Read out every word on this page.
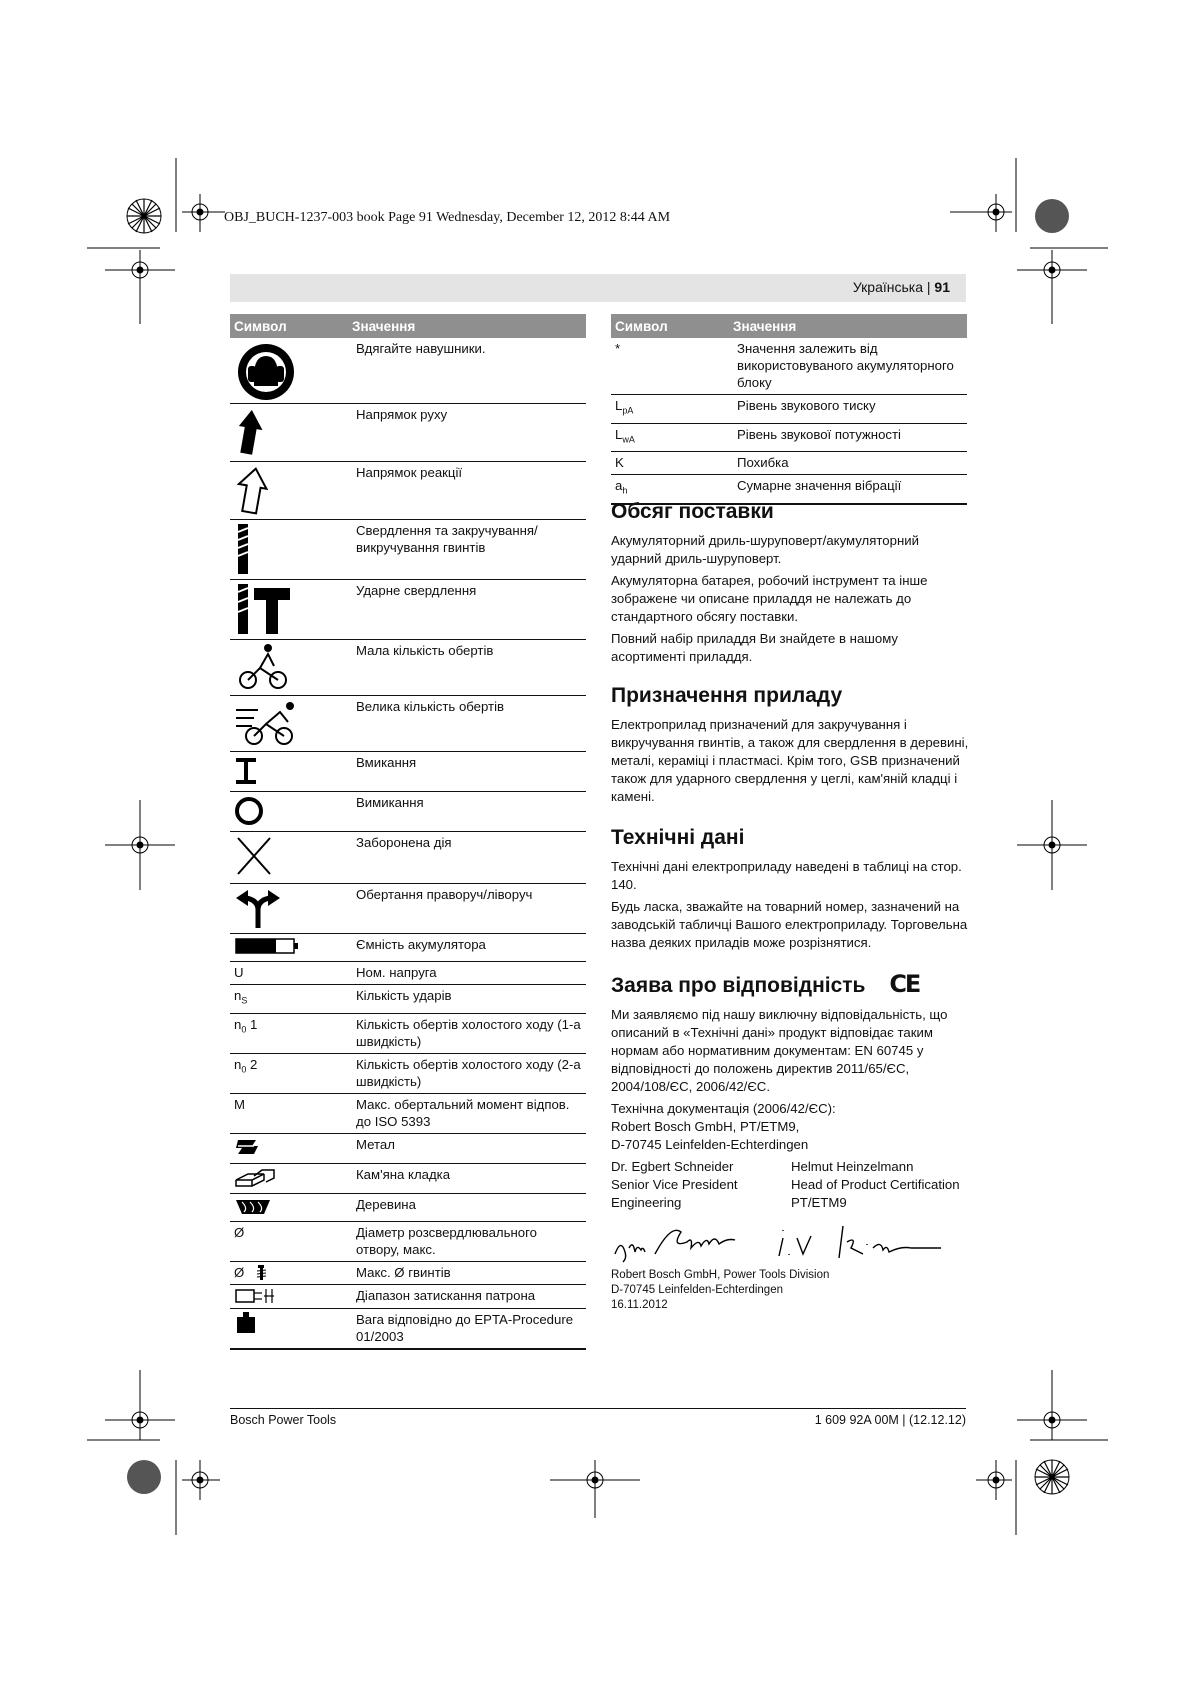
OBJ_BUCH-1237-003 book Page 91 Wednesday, December 12, 2012 8:44 AM
Українська | 91
Символ	Значення

	Вдягайте навушники.

	Напрямок руху

	Напрямок реакції

	Свердлення та закручування/викручування гвинтів

	Ударне свердлення

	Мала кількість обертів

	Велика кількість обертів

	Вмикання

	Вимикання

	Заборонена дія

	Обертання праворуч/ліворуч

	Ємність акумулятора
U	Ном. напруга
$n_S$	Кількість ударів
$n_0$ 1	Кількість обертів холостого ходу (1-а швидкість)
$n_0$ 2	Кількість обертів холостого ходу (2-а швидкість)
M	Макс. обертальний момент відпов. до ISO 5393

	Метал

	Кам'яна кладка

	Деревина
Ø	Діаметр розсвердлювального отвору, макс.
Ø	Макс. Ø гвинтів

	Діапазон затискання патрона

	Вага відповідно до EPTA-Procedure 01/2003
Символ	Значення
*	Значення залежить від використовуваного акумуляторного блоку
$L_{pA}$	Рівень звукового тиску
$L_{wA}$	Рівень звукової потужності
K	Похибка
$a_h$	Сумарне значення вібрації
Обсяг поставки

Акумуляторний дриль-шуруповерт/акумуляторний ударний дриль-шуруповерт.

Акумуляторна батарея, робочий інструмент та інше зображене чи описане приладдя не належать до стандартного обсягу поставки.

Повний набір приладдя Ви знайдете в нашому асортименті приладдя.

Призначення приладу

Електроприлад призначений для закручування і викручування гвинтів, а також для свердлення в деревині, металі, кераміці і пластмасі. Крім того, GSB призначений також для ударного свердлення у цеглі, кам'яній кладці і камені.

Технічні дані

Технічні дані електроприладу наведені в таблиці на стор. 140.

Будь ласка, зважайте на товарний номер, зазначений на заводській табличці Вашого електроприладу. Торговельна назва деяких приладів може розрізнятися.

Заява про відповідність CE

Ми заявляємо під нашу виключну відповідальність, що описаний в «Технічні дані» продукт відповідає таким нормам або нормативним документам: EN 60745 у відповідності до положень директив 2011/65/ЄС, 2004/108/ЄС, 2006/42/ЄС.

Технічна документація (2006/42/ЄС):

Robert Bosch GmbH, PT/ETM9,

D-70745 Leinfelden-Echterdingen

Dr. Egbert Schneider	Helmut Heinzelmann
Senior Vice President	Head of Product Certification
Engineering	PT/ETM9
Robert Bosch GmbH, Power Tools Division
D-70745 Leinfelden-Echterdingen
16.11.2012
Bosch Power Tools	1 609 92A 00M | (12.12.12)
